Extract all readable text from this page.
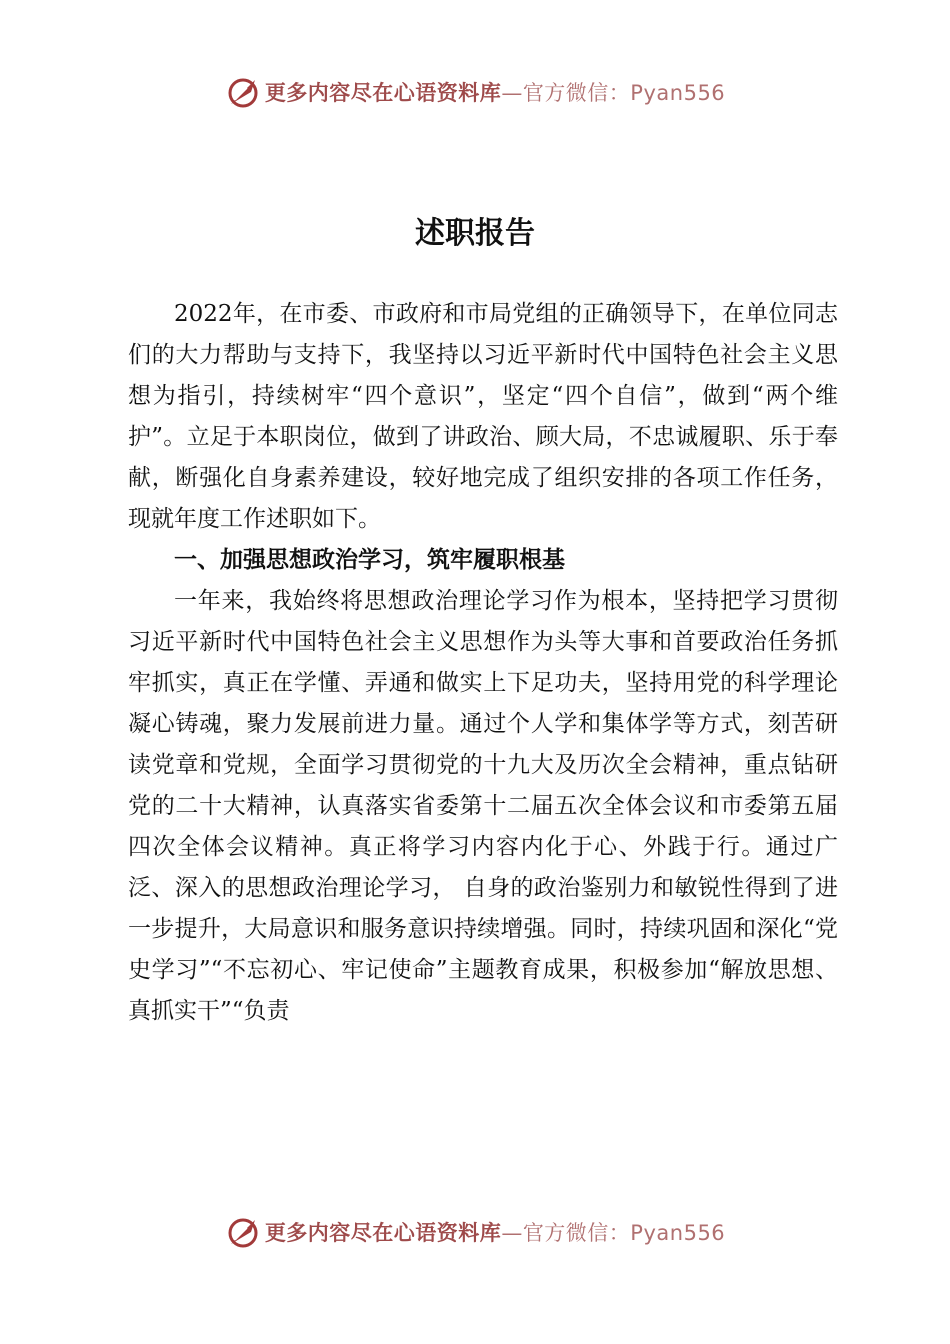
更多内容尽在心语资料库—官方微信：Pyan556
述职报告

2022年，在市委、市政府和市局党组的正确领导下，在单位同志们的大力帮助与支持下，我坚持以习近平新时代中国特色社会主义思想为指引，持续树牢“四个意识”，坚定“四个自信”，做到“两个维护”。立足于本职岗位，做到了讲政治、顾大局，不忠诚履职、乐于奉献，断强化自身素养建设，较好地完成了组织安排的各项工作任务，现就年度工作述职如下。

一、加强思想政治学习，筑牢履职根基

一年来，我始终将思想政治理论学习作为根本，坚持把学习贯彻习近平新时代中国特色社会主义思想作为头等大事和首要政治任务抓牢抓实，真正在学懂、弄通和做实上下足功夫，坚持用党的科学理论凝心铸魂，聚力发展前进力量。通过个人学和集体学等方式，刻苦研读党章和党规，全面学习贯彻党的十九大及历次全会精神，重点钻研党的二十大精神，认真落实省委第十二届五次全体会议和市委第五届四次全体会议精神。真正将学习内容内化于心、外践于行。通过广泛、深入的思想政治理论学习， 自身的政治鉴别力和敏锐性得到了进一步提升，大局意识和服务意识持续增强。同时，持续巩固和深化“党史学习”“不忘初心、牢记使命”主题教育成果，积极参加“解放思想、真抓实干”“负责

更多内容尽在心语资料库—官方微信：Pyan556
